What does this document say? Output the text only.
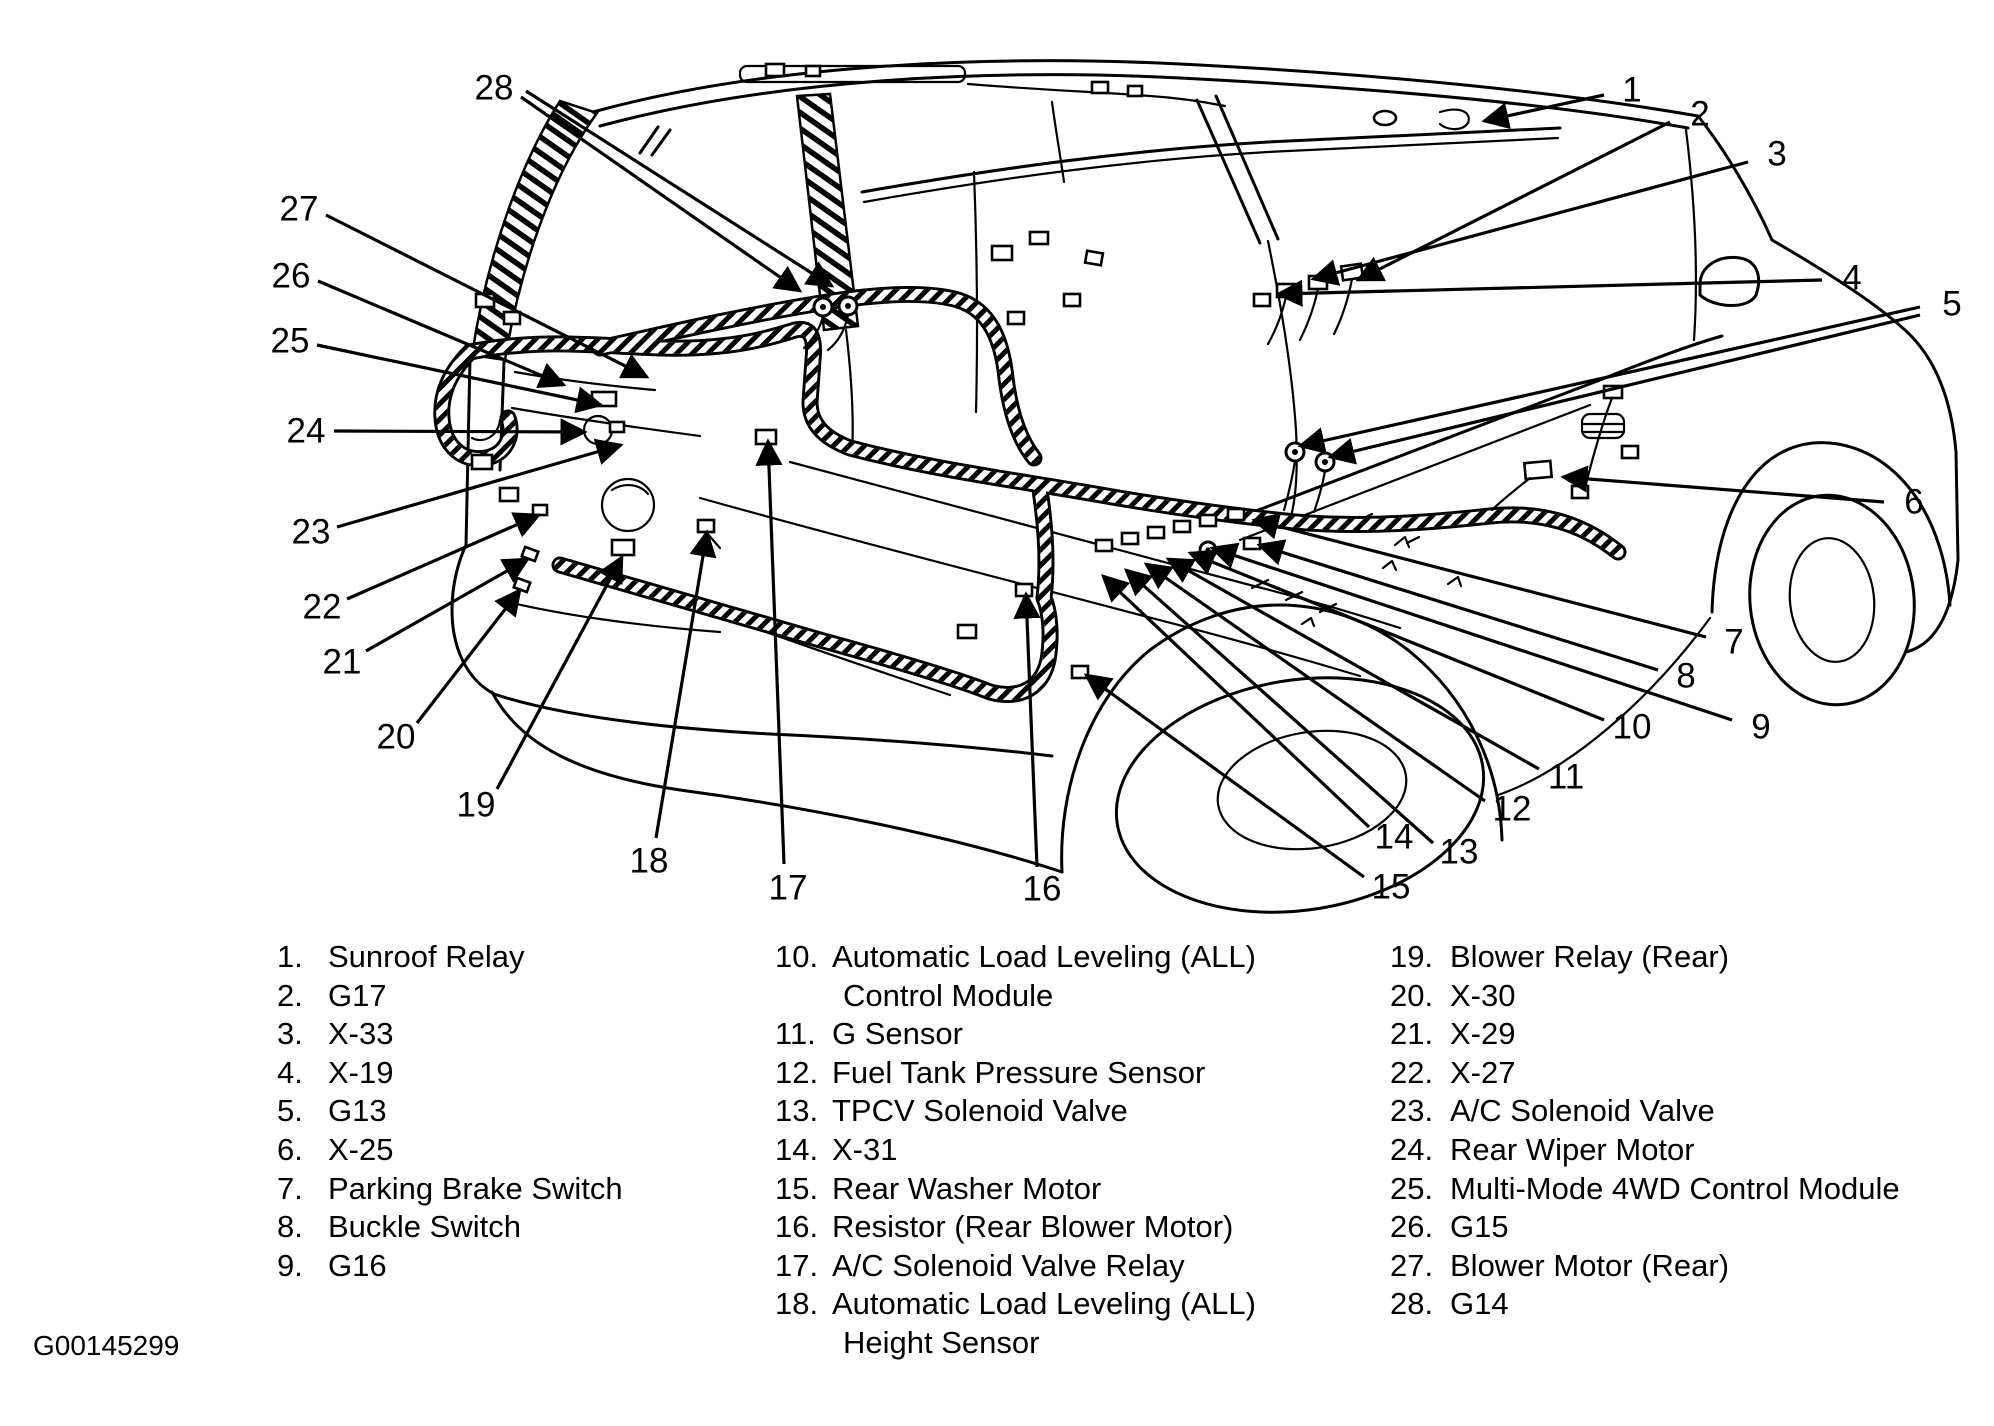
1
2
3
4
5
6
7
8
9
10
11
12
13
14
15
16
17
18
19
20
21
22
23
24
25
26
27
28
1. Sunroof Relay
2. G17
3. X-33
4. X-19
5. G13
6. X-25
7. Parking Brake Switch
8. Buckle Switch
9. G16
10. Automatic Load Leveling (ALL)
Control Module
11. G Sensor
12. Fuel Tank Pressure Sensor
13. TPCV Solenoid Valve
14. X-31
15. Rear Washer Motor
16. Resistor (Rear Blower Motor)
17. A/C Solenoid Valve Relay
18. Automatic Load Leveling (ALL)
Height Sensor
19. Blower Relay (Rear)
20. X-30
21. X-29
22. X-27
23. A/C Solenoid Valve
24. Rear Wiper Motor
25. Multi-Mode 4WD Control Module
26. G15
27. Blower Motor (Rear)
28. G14
G00145299
